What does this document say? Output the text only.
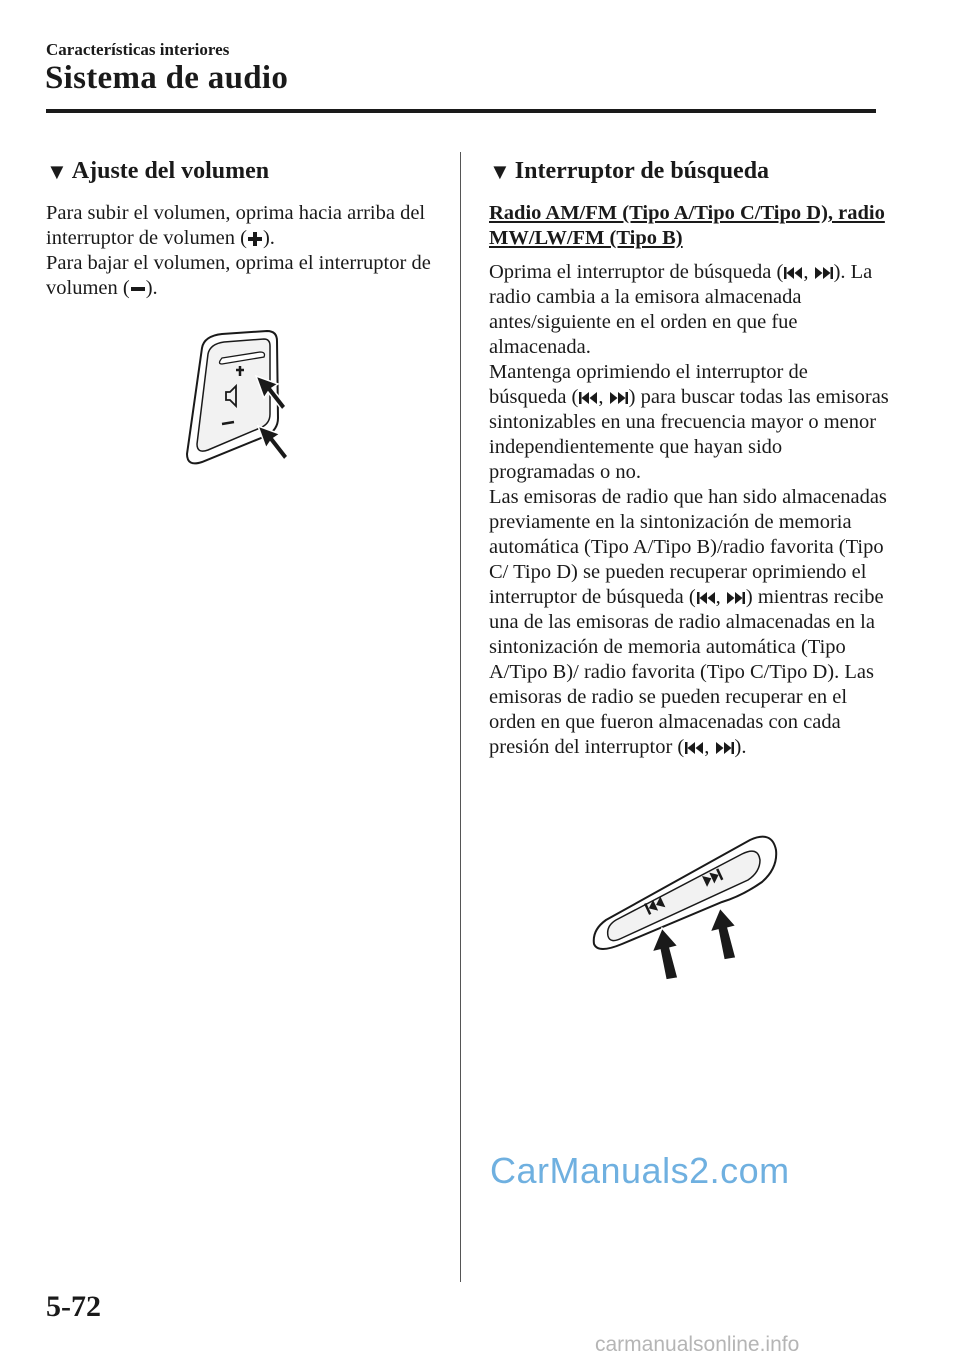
Características interiores
Sistema de audio
▼ Ajuste del volumen

Para subir el volumen, oprima hacia arriba del interruptor de volumen ( ).

Para bajar el volumen, oprima el interruptor de volumen ( ).

▼ Interruptor de búsqueda

Radio AM/FM (Tipo A/Tipo C/Tipo D), radio MW/LW/FM (Tipo B)

Oprima el interruptor de búsqueda ( , ). La radio cambia a la emisora almacenada antes/siguiente en el orden en que fue almacenada.

Mantenga oprimiendo el interruptor de búsqueda ( , ) para buscar todas las emisoras sintonizables en una frecuencia mayor o menor independientemente que hayan sido programadas o no.

Las emisoras de radio que han sido almacenadas previamente en la sintonización de memoria automática (Tipo A/Tipo B)/radio favorita (Tipo C/ Tipo D) se pueden recuperar oprimiendo el interruptor de búsqueda ( , ) mientras recibe una de las emisoras de radio almacenadas en la sintonización de memoria automática (Tipo A/Tipo B)/ radio favorita (Tipo C/Tipo D). Las emisoras de radio se pueden recuperar en el orden en que fueron almacenadas con cada presión del interruptor ( , ).

CarManuals2.com
5-72
carmanualsonline.info
